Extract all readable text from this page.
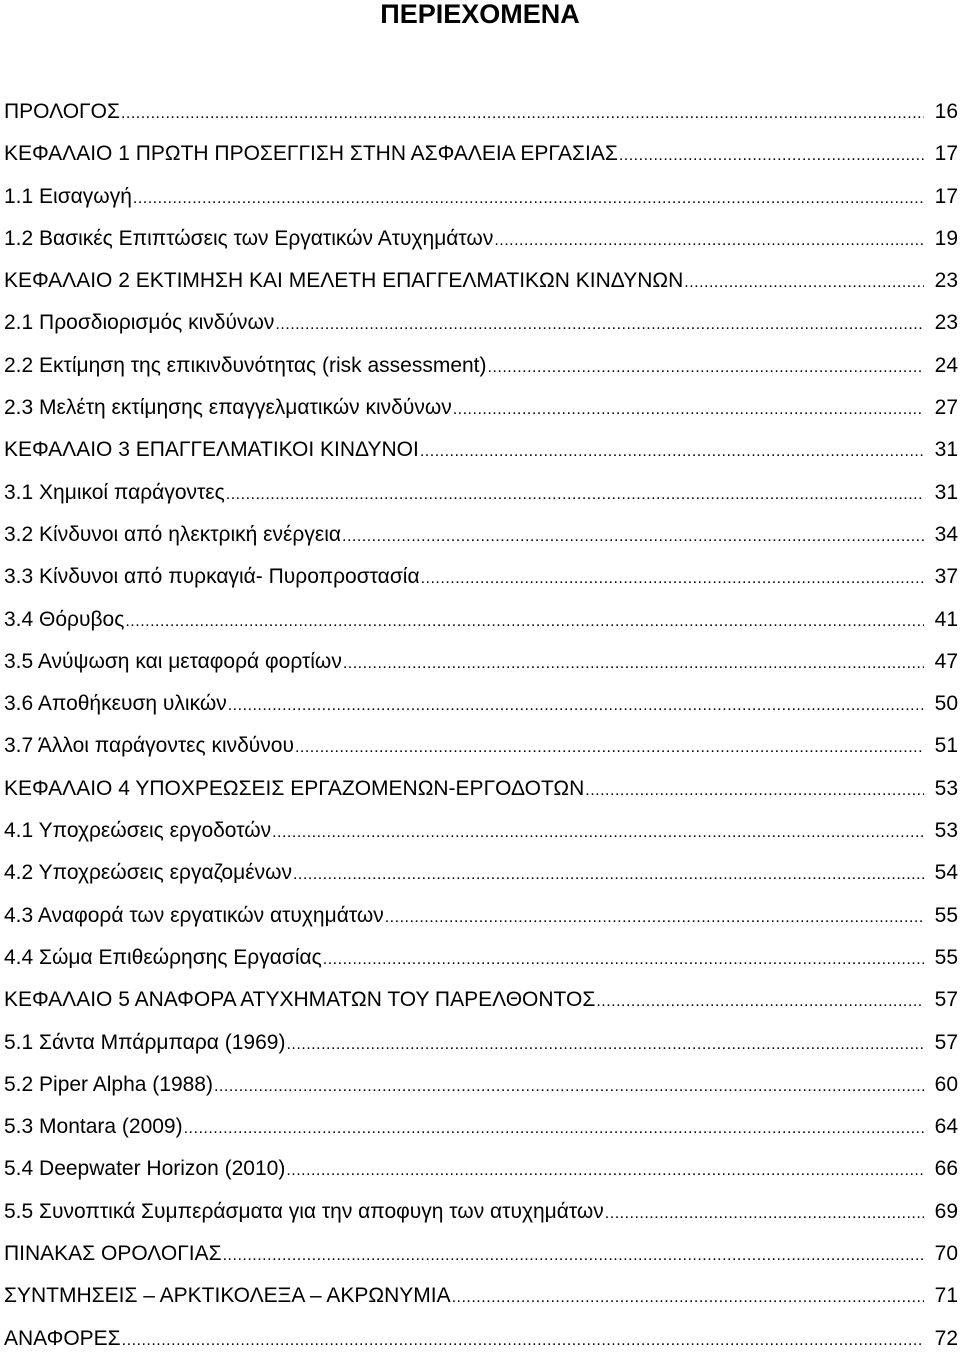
ΠΕΡΙΕΧΟΜΕΝΑ
ΠΡΟΛΟΓΟΣ .....	16
ΚΕΦΑΛΑΙΟ 1 ΠΡΩΤΗ ΠΡΟΣΕΓΓΙΣΗ ΣΤΗΝ ΑΣΦΑΛΕΙΑ ΕΡΓΑΣΙΑΣ .....	17
1.1 Εισαγωγή .....	17
1.2 Βασικές Επιπτώσεις των Εργατικών Ατυχημάτων .....	19
ΚΕΦΑΛΑΙΟ 2 ΕΚΤΙΜΗΣΗ ΚΑΙ ΜΕΛΕΤΗ ΕΠΑΓΓΕΛΜΑΤΙΚΩΝ ΚΙΝΔΥΝΩΝ .....	23
2.1 Προσδιορισμός κινδύνων .....	23
2.2 Εκτίμηση της επικινδυνότητας (risk assessment) .....	24
2.3 Μελέτη εκτίμησης επαγγελματικών κινδύνων .....	27
ΚΕΦΑΛΑΙΟ 3 ΕΠΑΓΓΕΛΜΑΤΙΚΟΙ ΚΙΝΔΥΝΟΙ .....	31
3.1 Χημικοί παράγοντες .....	31
3.2 Κίνδυνοι από ηλεκτρική ενέργεια .....	34
3.3 Κίνδυνοι από πυρκαγιά- Πυροπροστασία .....	37
3.4 Θόρυβος .....	41
3.5 Ανύψωση και μεταφορά φορτίων .....	47
3.6 Αποθήκευση υλικών .....	50
3.7 Άλλοι παράγοντες κινδύνου .....	51
ΚΕΦΑΛΑΙΟ 4 ΥΠΟΧΡΕΩΣΕΙΣ ΕΡΓΑΖΟΜΕΝΩΝ-ΕΡΓΟΔΟΤΩΝ .....	53
4.1 Υποχρεώσεις εργοδοτών .....	53
4.2 Υποχρεώσεις εργαζομένων .....	54
4.3 Αναφορά των εργατικών ατυχημάτων .....	55
4.4 Σώμα Επιθεώρησης Εργασίας .....	55
ΚΕΦΑΛΑΙΟ 5 ΑΝΑΦΟΡΑ ΑΤΥΧΗΜΑΤΩΝ ΤΟΥ ΠΑΡΕΛΘΟΝΤΟΣ .....	57
5.1 Σάντα Μπάρμπαρα (1969) .....	57
5.2 Piper Alpha (1988) .....	60
5.3 Montara (2009) .....	64
5.4 Deepwater Horizon (2010) .....	66
5.5 Συνοπτικά Συμπεράσματα για την αποφυγη των ατυχημάτων .....	69
ΠΙΝΑΚΑΣ ΟΡΟΛΟΓΙΑΣ .....	70
ΣΥΝΤΜΗΣΕΙΣ – ΑΡΚΤΙΚΟΛΕΞΑ – ΑΚΡΩΝΥΜΙΑ .....	71
ΑΝΑΦΟΡΕΣ .....	72
